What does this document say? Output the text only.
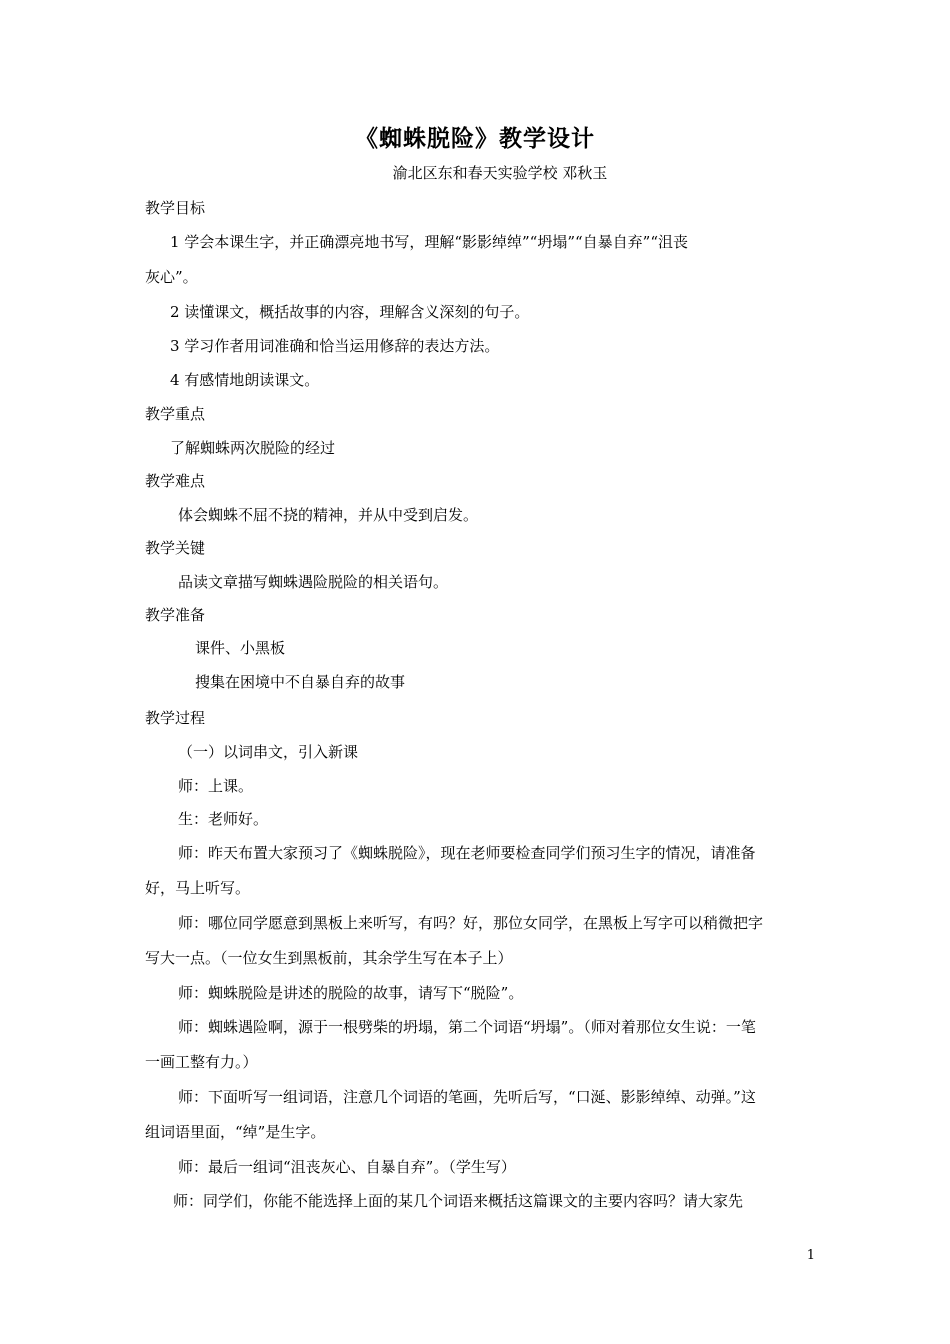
《蜘蛛脱险》教学设计
渝北区东和春天实验学校 邓秋玉
教学目标
1 学会本课生字，并正确漂亮地书写，理解“影影绰绰”“坍塌”“自暴自弃”“沮丧
灰心”。
2 读懂课文，概括故事的内容，理解含义深刻的句子。
3 学习作者用词准确和恰当运用修辞的表达方法。
4 有感情地朗读课文。
教学重点
了解蜘蛛两次脱险的经过
教学难点
体会蜘蛛不屈不挠的精神，并从中受到启发。
教学关键
品读文章描写蜘蛛遇险脱险的相关语句。
教学准备
课件、小黑板
搜集在困境中不自暴自弃的故事
教学过程
（一）以词串文，引入新课
师：上课。
生：老师好。
师：昨天布置大家预习了《蜘蛛脱险》，现在老师要检查同学们预习生字的情况，请准备
好，马上听写。
师：哪位同学愿意到黑板上来听写，有吗？好，那位女同学，在黑板上写字可以稍微把字
写大一点。（一位女生到黑板前，其余学生写在本子上）
师：蜘蛛脱险是讲述的脱险的故事，请写下“脱险”。
师：蜘蛛遇险啊，源于一根劈柴的坍塌，第二个词语“坍塌”。（师对着那位女生说：一笔
一画工整有力。）
师：下面听写一组词语，注意几个词语的笔画，先听后写，“口涎、影影绰绰、动弹。”这
组词语里面，“绰”是生字。
师：最后一组词“沮丧灰心、自暴自弃”。（学生写）
师：同学们，你能不能选择上面的某几个词语来概括这篇课文的主要内容吗？请大家先
1
